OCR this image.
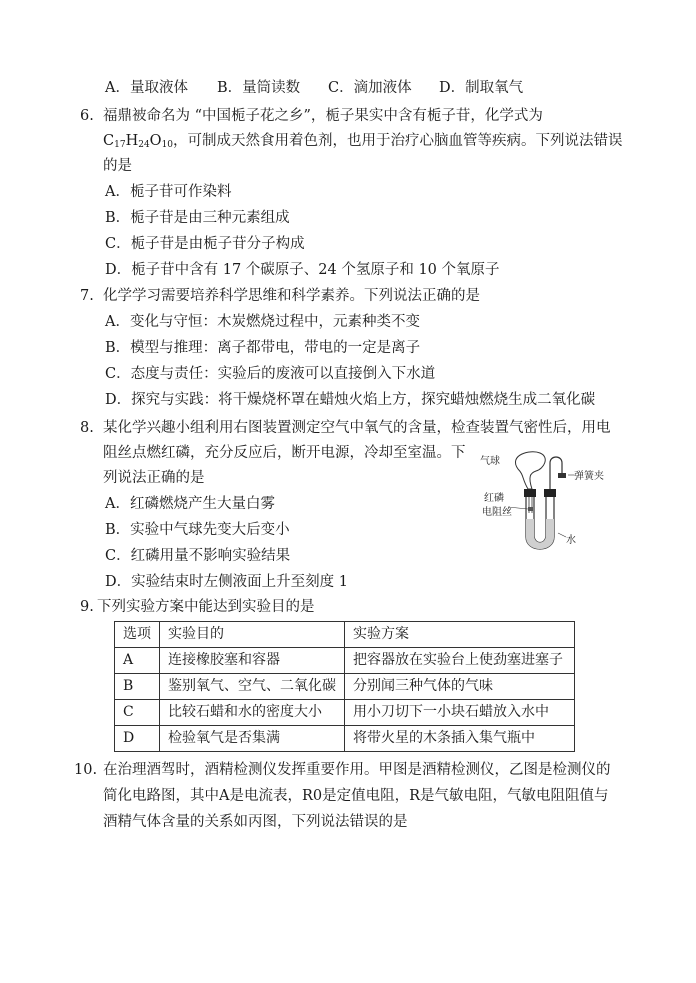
A．量取液体 B．量筒读数 C．滴加液体 D．制取氧气
6. 福鼎被命名为 “中国栀子花之乡”，栀子果实中含有栀子苷，化学式为
$C_{17}H_{24}O_{10}$，可制成天然食用着色剂，也用于治疗心脑血管等疾病。下列说法错误
的是
A．栀子苷可作染料
B．栀子苷是由三种元素组成
C．栀子苷是由栀子苷分子构成
D．栀子苷中含有 17 个碳原子、24 个氢原子和 10 个氧原子
7. 化学学习需要培养科学思维和科学素养。下列说法正确的是
A．变化与守恒：木炭燃烧过程中，元素种类不变
B．模型与推理：离子都带电，带电的一定是离子
C．态度与责任：实验后的废液可以直接倒入下水道
D．探究与实践：将干燥烧杯罩在蜡烛火焰上方，探究蜡烛燃烧生成二氧化碳
8. 某化学兴趣小组利用右图装置测定空气中氧气的含量，检查装置气密性后，用电
阻丝点燃红磷，充分反应后，断开电源，冷却至室温。下
列说法正确的是
A．红磷燃烧产生大量白雾
B．实验中气球先变大后变小
C．红磷用量不影响实验结果
D．实验结束时左侧液面上升至刻度 1
气球
弹簧夹
红磷
电阻丝
水
9. 下列实验方案中能达到实验目的是
选项	实验目的	实验方案
A	连接橡胶塞和容器	把容器放在实验台上使劲塞进塞子
B	鉴别氧气、空气、二氧化碳	分别闻三种气体的气味
C	比较石蜡和水的密度大小	用小刀切下一小块石蜡放入水中
D	检验氧气是否集满	将带火星的木条插入集气瓶中
10. 在治理酒驾时，酒精检测仪发挥重要作用。甲图是酒精检测仪，乙图是检测仪的
简化电路图，其中A是电流表，R0是定值电阻，R是气敏电阻，气敏电阻阻值与
酒精气体含量的关系如丙图，下列说法错误的是
